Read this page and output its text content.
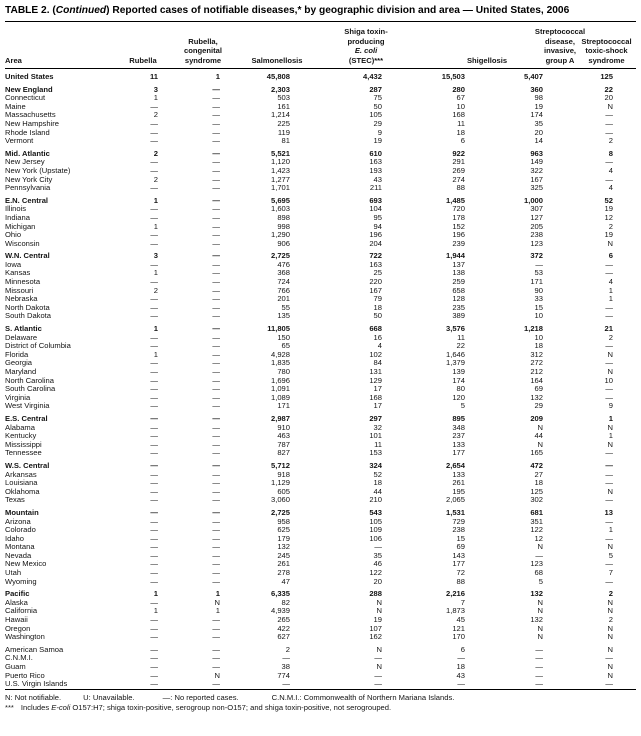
TABLE 2. (Continued) Reported cases of notifiable diseases,* by geographic division and area — United States, 2006
Area	Rubella

Rubella,
congenital
syndrome	Salmonellosis

Shiga toxin-
producing
E. coli
(STEC)***	Shigellosis

Streptococcal
disease,
invasive,
group A

Streptococcal
toxic-shock
syndrome

United States	11	1	45,808	4,432	15,503	5,407	125
New England	3	—	2,303	287	280	360	22
Connecticut	1	—	503	75	67	98	20
Maine	—	—	161	50	10	19	N
Massachusetts	2	—	1,214	105	168	174	—
New Hampshire	—	—	225	29	11	35	—
Rhode Island	—	—	119	9	18	20	—
Vermont	—	—	81	19	6	14	2
Mid. Atlantic	2	—	5,521	610	922	963	8
New Jersey	—	—	1,120	163	291	149	—
New York (Upstate)	—	—	1,423	193	269	322	4
New York City	2	—	1,277	43	274	167	—
Pennsylvania	—	—	1,701	211	88	325	4
E.N. Central	1	—	5,695	693	1,485	1,000	52
Illinois	—	—	1,603	104	720	307	19
Indiana	—	—	898	95	178	127	12
Michigan	1	—	998	94	152	205	2
Ohio	—	—	1,290	196	196	238	19
Wisconsin	—	—	906	204	239	123	N
W.N. Central	3	—	2,725	722	1,944	372	6
Iowa	—	—	476	163	137	—	—
Kansas	1	—	368	25	138	53	—
Minnesota	—	—	724	220	259	171	4
Missouri	2	—	766	167	658	90	1
Nebraska	—	—	201	79	128	33	1
North Dakota	—	—	55	18	235	15	—
South Dakota	—	—	135	50	389	10	—
S. Atlantic	1	—	11,805	668	3,576	1,218	21
Delaware	—	—	150	16	11	10	2
District of Columbia	—	—	65	4	22	18	—
Florida	1	—	4,928	102	1,646	312	N
Georgia	—	—	1,835	84	1,379	272	—
Maryland	—	—	780	131	139	212	N
North Carolina	—	—	1,696	129	174	164	10
South Carolina	—	—	1,091	17	80	69	—
Virginia	—	—	1,089	168	120	132	—
West Virginia	—	—	171	17	5	29	9
E.S. Central	—	—	2,987	297	895	209	1
Alabama	—	—	910	32	348	N	N
Kentucky	—	—	463	101	237	44	1
Mississippi	—	—	787	11	133	N	N
Tennessee	—	—	827	153	177	165	—
W.S. Central	—	—	5,712	324	2,654	472	—
Arkansas	—	—	918	52	133	27	—
Louisiana	—	—	1,129	18	261	18	—
Oklahoma	—	—	605	44	195	125	N
Texas	—	—	3,060	210	2,065	302	—
Mountain	—	—	2,725	543	1,531	681	13
Arizona	—	—	958	105	729	351	—
Colorado	—	—	625	109	238	122	1
Idaho	—	—	179	106	15	12	—
Montana	—	—	132	—	69	N	N
Nevada	—	—	245	35	143	—	5
New Mexico	—	—	261	46	177	123	—
Utah	—	—	278	122	72	68	7
Wyoming	—	—	47	20	88	5	—
Pacific	1	1	6,335	288	2,216	132	2
Alaska	—	N	82	N	7	N	N
California	1	1	4,939	N	1,873	N	N
Hawaii	—	—	265	19	45	132	2
Oregon	—	—	422	107	121	N	N
Washington	—	—	627	162	170	N	N
American Samoa	—	—	2	N	6	—	N
C.N.M.I.	—	—	—	—	—	—	—
Guam	—	—	38	N	18	—	N
Puerto Rico	—	N	774	—	43	—	N
U.S. Virgin Islands	—	—	—	—	—	—	—
N: Not notifiable.	U: Unavailable.	—: No reported cases.	C.N.M.I.: Commonwealth of Northern Mariana Islands.
*** Includes E-coli O157:H7; shiga toxin-positive, serogroup non-O157; and shiga toxin-positive, not serogrouped.
